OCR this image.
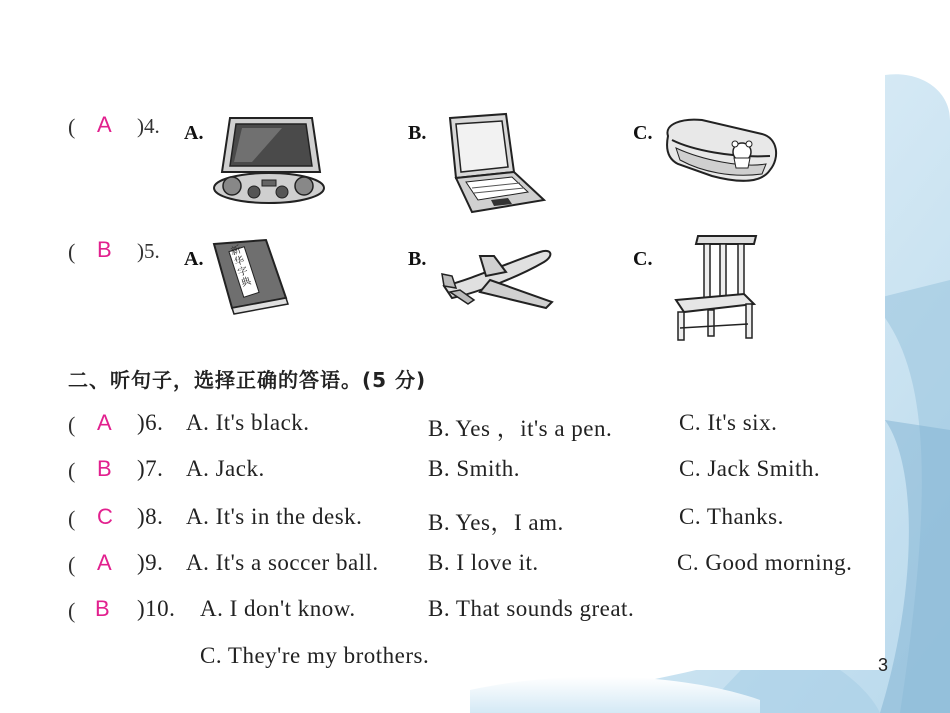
( A )4. A.	B.	C.
( B )5. A.	B.	C.
新华字典
二、听句子，选择正确的答语。(5 分)
( A )6. A. It's black.	B. Yes ，it's a pen.	C. It's six.
( B )7. A. Jack.	B. Smith.	C. Jack Smith.
( C )8. A. It's in the desk.	B. Yes，I am.	C. Thanks.
( A )9. A. It's a soccer ball. B. I love it.	C. Good morning.
( B )10. A. I don't know.	B. That sounds great.
C. They're my brothers.	3
